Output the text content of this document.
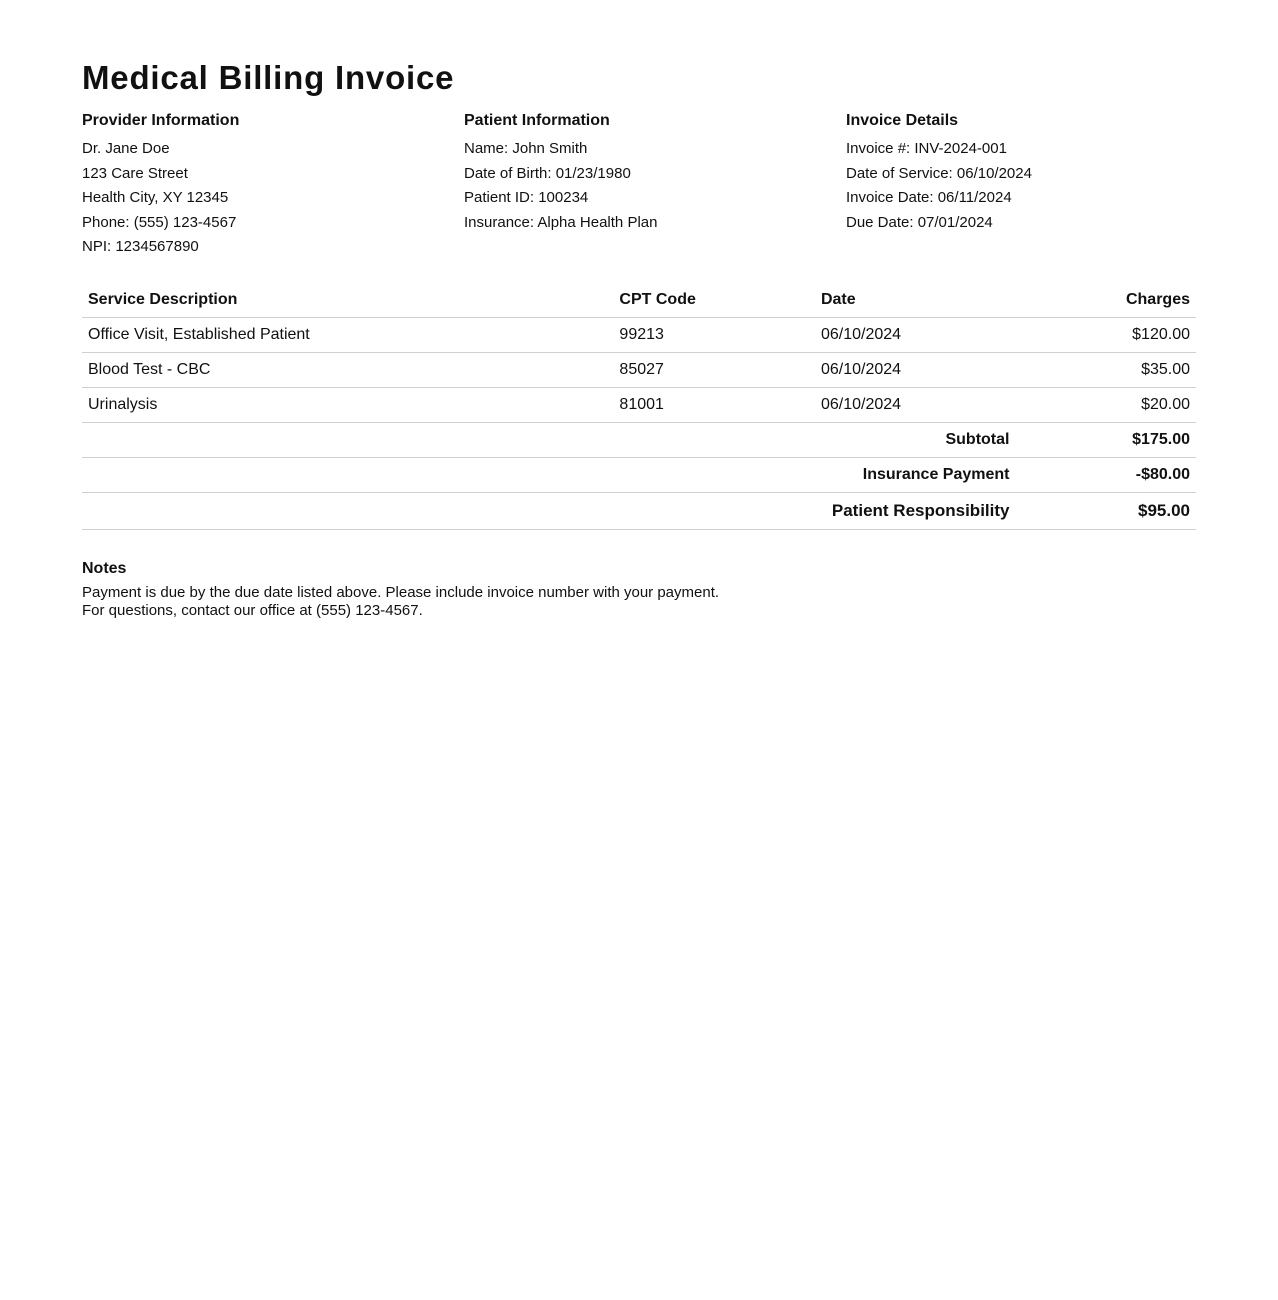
Medical Billing Invoice
Provider Information
Dr. Jane Doe
123 Care Street
Health City, XY 12345
Phone: (555) 123-4567
NPI: 1234567890
Patient Information
Name: John Smith
Date of Birth: 01/23/1980
Patient ID: 100234
Insurance: Alpha Health Plan
Invoice Details
Invoice #: INV-2024-001
Date of Service: 06/10/2024
Invoice Date: 06/11/2024
Due Date: 07/01/2024
Service Description	CPT Code	Date	Charges
Office Visit, Established Patient	99213	06/10/2024	$120.00
Blood Test - CBC	85027	06/10/2024	$35.00
Urinalysis	81001	06/10/2024	$20.00
Subtotal			$175.00
Insurance Payment			-$80.00
Patient Responsibility			$95.00
Notes
Payment is due by the due date listed above. Please include invoice number with your payment.
For questions, contact our office at (555) 123-4567.
